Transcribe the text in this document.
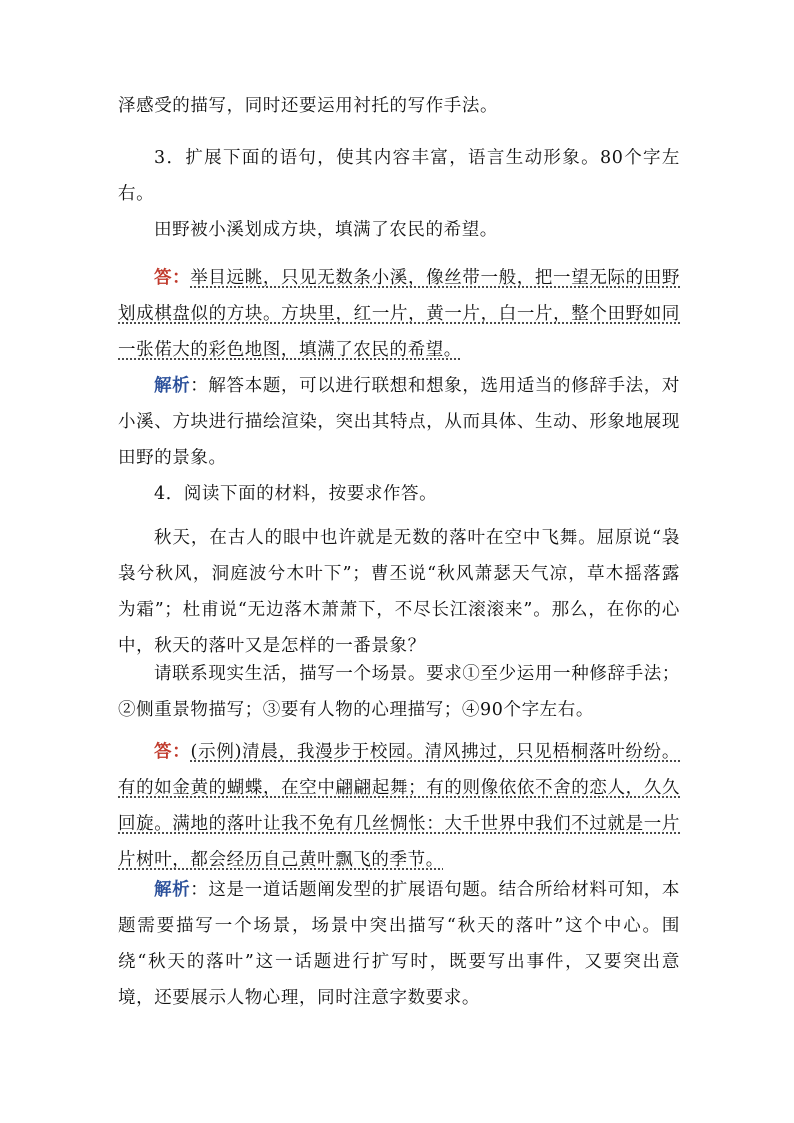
泽感受的描写，同时还要运用衬托的写作手法。

3．扩展下面的语句，使其内容丰富，语言生动形象。80个字左右。

田野被小溪划成方块，填满了农民的希望。

答：举目远眺，只见无数条小溪，像丝带一般，把一望无际的田野划成棋盘似的方块。方块里，红一片，黄一片，白一片，整个田野如同一张偌大的彩色地图，填满了农民的希望。

解析：解答本题，可以进行联想和想象，选用适当的修辞手法，对小溪、方块进行描绘渲染，突出其特点，从而具体、生动、形象地展现田野的景象。

4．阅读下面的材料，按要求作答。

秋天，在古人的眼中也许就是无数的落叶在空中飞舞。屈原说“袅袅兮秋风，洞庭波兮木叶下”；曹丕说“秋风萧瑟天气凉，草木摇落露为霜”；杜甫说“无边落木萧萧下，不尽长江滚滚来”。那么，在你的心中，秋天的落叶又是怎样的一番景象？

请联系现实生活，描写一个场景。要求①至少运用一种修辞手法；②侧重景物描写；③要有人物的心理描写；④90个字左右。

答：(示例)清晨，我漫步于校园。清风拂过，只见梧桐落叶纷纷。有的如金黄的蝴蝶，在空中翩翩起舞；有的则像依依不舍的恋人，久久回旋。满地的落叶让我不免有几丝惆怅：大千世界中我们不过就是一片片树叶，都会经历自己黄叶飘飞的季节。

解析：这是一道话题阐发型的扩展语句题。结合所给材料可知，本题需要描写一个场景，场景中突出描写“秋天的落叶”这个中心。围绕“秋天的落叶”这一话题进行扩写时，既要写出事件，又要突出意境，还要展示人物心理，同时注意字数要求。
